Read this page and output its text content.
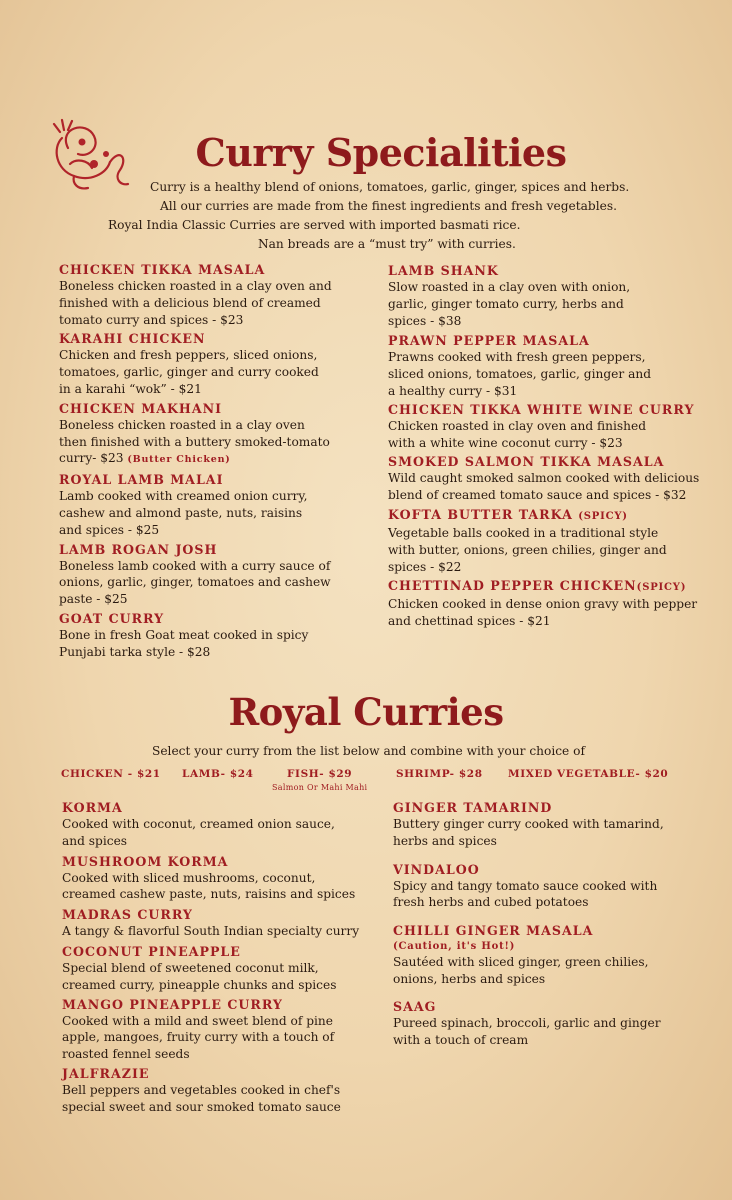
Curry Specialities
Curry is a healthy blend of onions, tomatoes, garlic, ginger, spices and herbs.
All our curries are made from the finest ingredients and fresh vegetables.
Royal India Classic Curries are served with imported basmati rice.
Nan breads are a “must try” with curries.
CHICKEN TIKKA MASALA
Boneless chicken roasted in a clay oven and
finished with a delicious blend of creamed
tomato curry and spices - $23
KARAHI CHICKEN
Chicken and fresh peppers, sliced onions,
tomatoes, garlic, ginger and curry cooked
in a karahi “wok” - $21
CHICKEN MAKHANI
Boneless chicken roasted in a clay oven
then finished with a buttery smoked-tomato
curry- $23 (Butter Chicken)
ROYAL LAMB MALAI
Lamb cooked with creamed onion curry,
cashew and almond paste, nuts, raisins
and spices - $25
LAMB ROGAN JOSH
Boneless lamb cooked with a curry sauce of
onions, garlic, ginger, tomatoes and cashew
paste - $25
GOAT CURRY
Bone in fresh Goat meat cooked in spicy
Punjabi tarka style - $28
LAMB SHANK
Slow roasted in a clay oven with onion,
garlic, ginger tomato curry, herbs and
spices - $38
PRAWN PEPPER MASALA
Prawns cooked with fresh green peppers,
sliced onions, tomatoes, garlic, ginger and
a healthy curry - $31
CHICKEN TIKKA WHITE WINE CURRY
Chicken roasted in clay oven and finished
with a white wine coconut curry - $23
SMOKED SALMON TIKKA MASALA
Wild caught smoked salmon cooked with delicious
blend of creamed tomato sauce and spices - $32
KOFTA BUTTER TARKA (SPICY)
Vegetable balls cooked in a traditional style
with butter, onions, green chilies, ginger and
spices - $22
CHETTINAD PEPPER CHICKEN(SPICY)
Chicken cooked in dense onion gravy with pepper
and chettinad spices - $21
Royal Curries
Select your curry from the list below and combine with your choice of
CHICKEN - $21 LAMB- $24	FISH- $29
Salmon Or Mahi Mahi
SHRIMP- $28 MIXED VEGETABLE- $20
KORMA
Cooked with coconut, creamed onion sauce,
and spices
MUSHROOM KORMA
Cooked with sliced mushrooms, coconut,
creamed cashew paste, nuts, raisins and spices
MADRAS CURRY
A tangy & flavorful South Indian specialty curry
COCONUT PINEAPPLE
Special blend of sweetened coconut milk,
creamed curry, pineapple chunks and spices
MANGO PINEAPPLE CURRY
Cooked with a mild and sweet blend of pine
apple, mangoes, fruity curry with a touch of
roasted fennel seeds
JALFRAZIE
Bell peppers and vegetables cooked in chef's
special sweet and sour smoked tomato sauce
GINGER TAMARIND
Buttery ginger curry cooked with tamarind,
herbs and spices
VINDALOO
Spicy and tangy tomato sauce cooked with
fresh herbs and cubed potatoes
CHILLI GINGER MASALA
(Caution, it's Hot!)
Sautéed with sliced ginger, green chilies,
onions, herbs and spices
SAAG
Pureed spinach, broccoli, garlic and ginger
with a touch of cream
